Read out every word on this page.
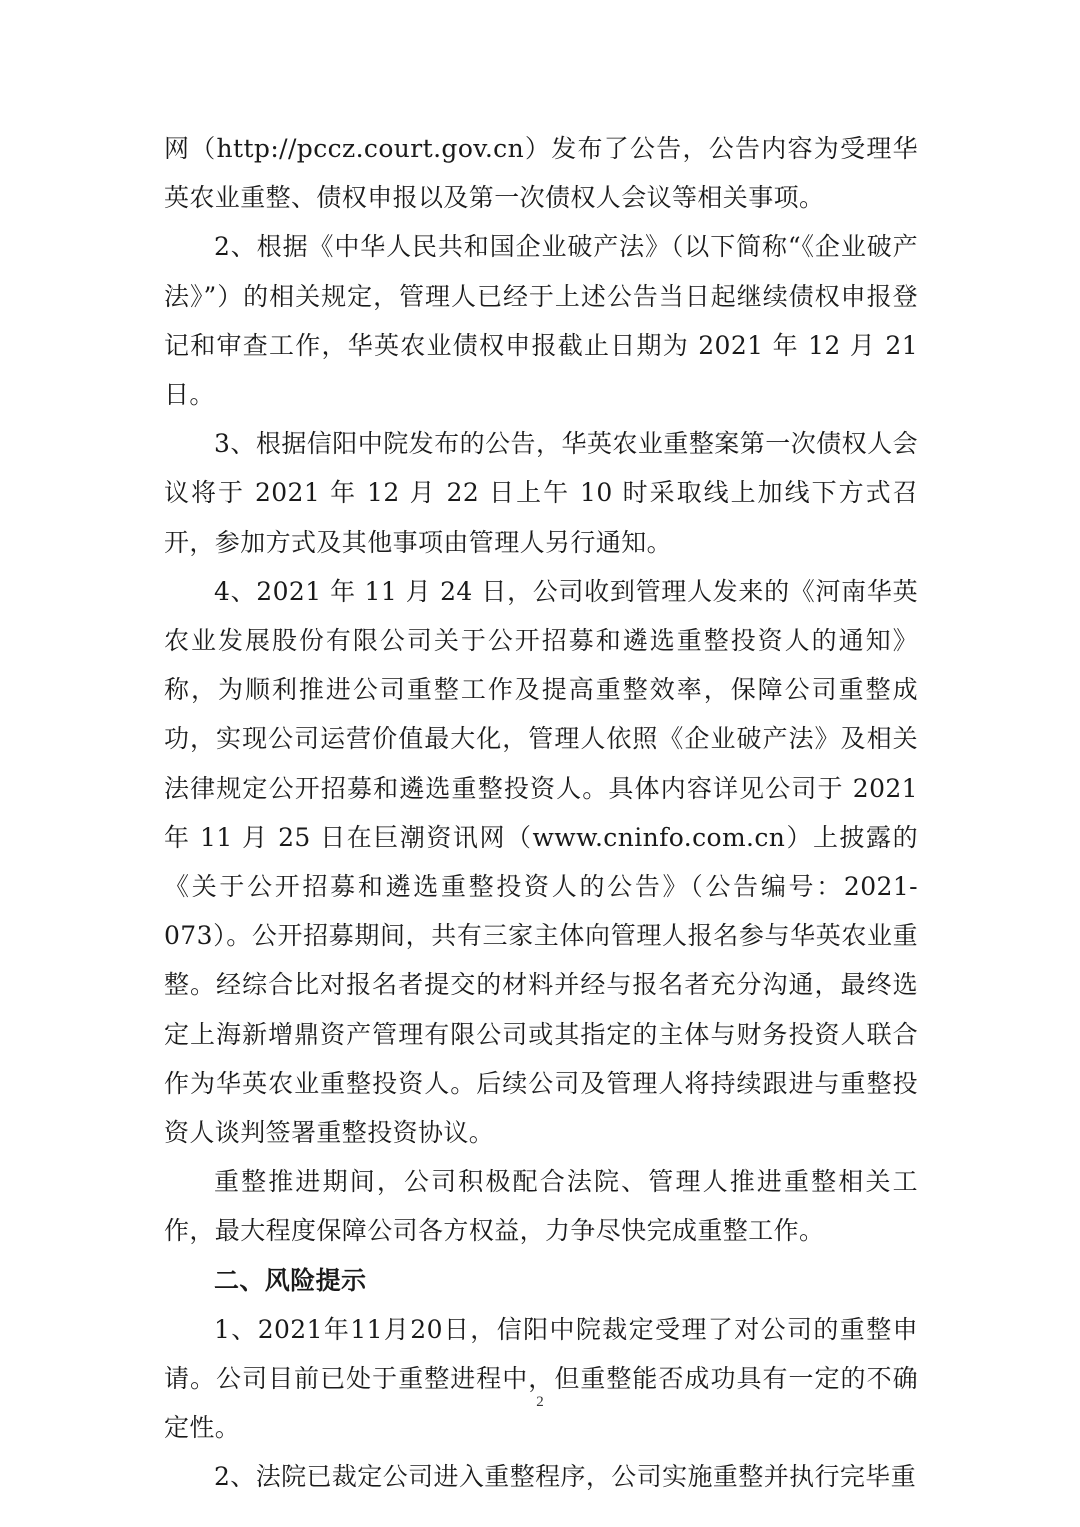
网（http://pccz.court.gov.cn）发布了公告，公告内容为受理华英农业重整、债权申报以及第一次债权人会议等相关事项。

2、根据《中华人民共和国企业破产法》（以下简称“《企业破产法》”）的相关规定，管理人已经于上述公告当日起继续债权申报登记和审查工作，华英农业债权申报截止日期为 2021 年 12 月 21 日。

3、根据信阳中院发布的公告，华英农业重整案第一次债权人会议将于 2021 年 12 月 22 日上午 10 时采取线上加线下方式召开，参加方式及其他事项由管理人另行通知。

4、2021 年 11 月 24 日，公司收到管理人发来的《河南华英农业发展股份有限公司关于公开招募和遴选重整投资人的通知》称，为顺利推进公司重整工作及提高重整效率，保障公司重整成功，实现公司运营价值最大化，管理人依照《企业破产法》及相关法律规定公开招募和遴选重整投资人。具体内容详见公司于 2021 年 11 月 25 日在巨潮资讯网（www.cninfo.com.cn）上披露的《关于公开招募和遴选重整投资人的公告》（公告编号：2021-073）。公开招募期间，共有三家主体向管理人报名参与华英农业重整。经综合比对报名者提交的材料并经与报名者充分沟通，最终选定上海新增鼎资产管理有限公司或其指定的主体与财务投资人联合作为华英农业重整投资人。后续公司及管理人将持续跟进与重整投资人谈判签署重整投资协议。

重整推进期间，公司积极配合法院、管理人推进重整相关工作，最大程度保障公司各方权益，力争尽快完成重整工作。

二、风险提示

1、2021年11月20日，信阳中院裁定受理了对公司的重整申请。公司目前已处于重整进程中，但重整能否成功具有一定的不确定性。

2、法院已裁定公司进入重整程序，公司实施重整并执行完毕重

2
